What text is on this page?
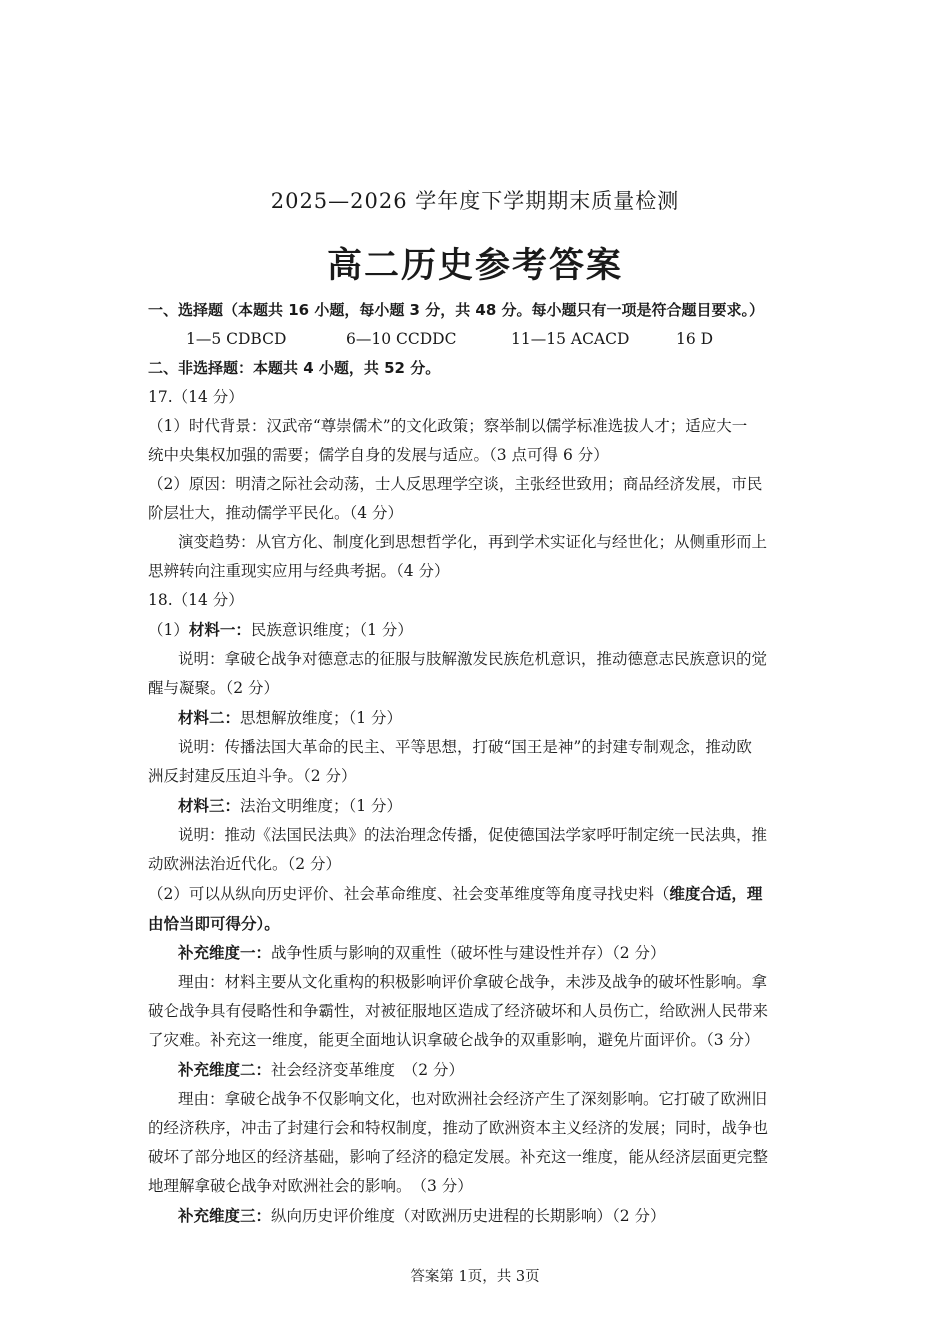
2025—2026 学年度下学期期末质量检测
高二历史参考答案
一、选择题（本题共 16 小题，每小题 3 分，共 48 分。每小题只有一项是符合题目要求。）
1—5 CDBCD	6—10 CCDDC	11—15 ACACD	16 D
二、非选择题：本题共 4 小题，共 52 分。
17.（14 分）
（1）时代背景：汉武帝“尊崇儒术”的文化政策；察举制以儒学标准选拔人才；适应大一
统中央集权加强的需要；儒学自身的发展与适应。（3 点可得 6 分）
（2）原因：明清之际社会动荡，士人反思理学空谈，主张经世致用；商品经济发展，市民
阶层壮大，推动儒学平民化。（4 分）
演变趋势：从官方化、制度化到思想哲学化，再到学术实证化与经世化；从侧重形而上
思辨转向注重现实应用与经典考据。（4 分）
18.（14 分）
（1）材料一：民族意识维度；（1 分）
说明：拿破仑战争对德意志的征服与肢解激发民族危机意识，推动德意志民族意识的觉
醒与凝聚。（2 分）
材料二：思想解放维度；（1 分）
说明：传播法国大革命的民主、平等思想，打破“国王是神”的封建专制观念，推动欧
洲反封建反压迫斗争。（2 分）
材料三：法治文明维度；（1 分）
说明：推动《法国民法典》的法治理念传播，促使德国法学家呼吁制定统一民法典，推
动欧洲法治近代化。（2 分）
（2）可以从纵向历史评价、社会革命维度、社会变革维度等角度寻找史料（维度合适，理
由恰当即可得分）。
补充维度一：战争性质与影响的双重性（破坏性与建设性并存）（2 分）
理由：材料主要从文化重构的积极影响评价拿破仑战争，未涉及战争的破坏性影响。拿
破仑战争具有侵略性和争霸性，对被征服地区造成了经济破坏和人员伤亡，给欧洲人民带来
了灾难。补充这一维度，能更全面地认识拿破仑战争的双重影响，避免片面评价。（3 分）
补充维度二：社会经济变革维度　（2 分）
理由：拿破仑战争不仅影响文化，也对欧洲社会经济产生了深刻影响。它打破了欧洲旧
的经济秩序，冲击了封建行会和特权制度，推动了欧洲资本主义经济的发展；同时，战争也
破坏了部分地区的经济基础，影响了经济的稳定发展。补充这一维度，能从经济层面更完整
地理解拿破仑战争对欧洲社会的影响。　（3 分）
补充维度三：纵向历史评价维度（对欧洲历史进程的长期影响）（2 分）
答案第 1页，共 3页
